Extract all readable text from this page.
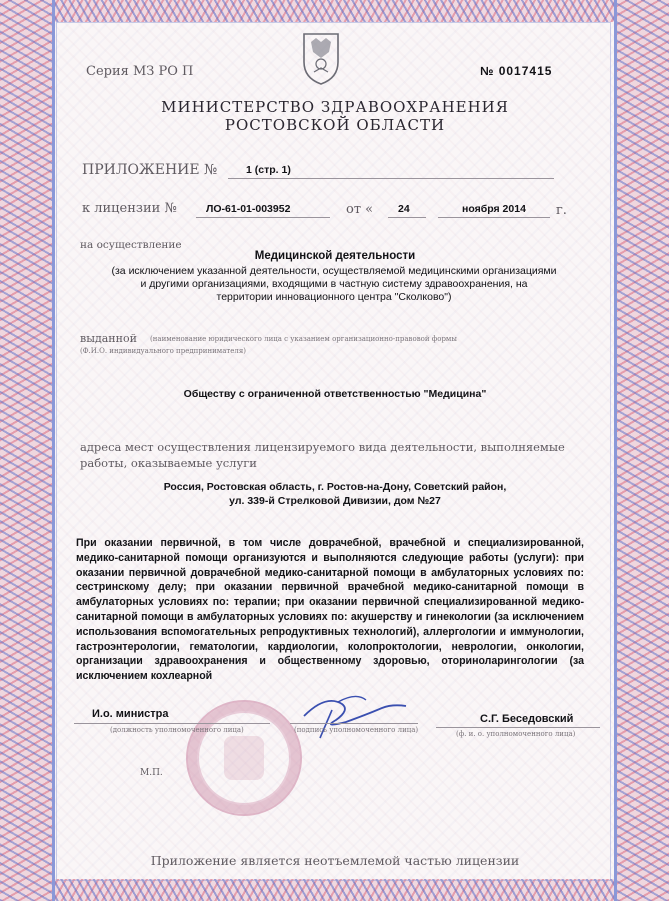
Серия МЗ РО П	№ 0017415
МИНИСТЕРСТВО ЗДРАВООХРАНЕНИЯ
РОСТОВСКОЙ ОБЛАСТИ
ПРИЛОЖЕНИЕ №	1 (стр. 1)
к лицензии №	ЛО-61-01-003952	от « 24	ноября 2014 г.
на осуществление
Медицинской деятельности
(за исключением указанной деятельности, осуществляемой медицинскими организациями
и другими организациями, входящими в частную систему здравоохранения, на
территории инновационного центра "Сколково")
выданной (наименование юридического лица с указанием организационно-правовой формы
(Ф.И.О. индивидуального предпринимателя)
Обществу с ограниченной ответственностью "Медицина"
адреса мест осуществления лицензируемого вида деятельности, выполняемые
работы, оказываемые услуги
Россия, Ростовская область, г. Ростов-на-Дону, Советский район,
ул. 339-й Стрелковой Дивизии, дом №27
При оказании первичной, в том числе доврачебной, врачебной и специализированной, медико-санитарной помощи организуются и выполняются следующие работы (услуги): при оказании первичной доврачебной медико-санитарной помощи в амбулаторных условиях по: сестринскому делу; при оказании первичной врачебной медико-санитарной помощи в амбулаторных условиях по: терапии; при оказании первичной специализированной медико-санитарной помощи в амбулаторных условиях по: акушерству и гинекологии (за исключением использования вспомогательных репродуктивных технологий), аллергологии и иммунологии, гастроэнтерологии, гематологии, кардиологии, колопроктологии, неврологии, онкологии, организации здравоохранения и общественному здоровью, оториноларингологии (за исключением кохлеарной
И.о. министра
(должность уполномоченного лица)	(подпись уполномоченного лица)
С.Г. Беседовский
(ф. и. о. уполномоченного лица)
М.П.
Приложение является неотъемлемой частью лицензии
